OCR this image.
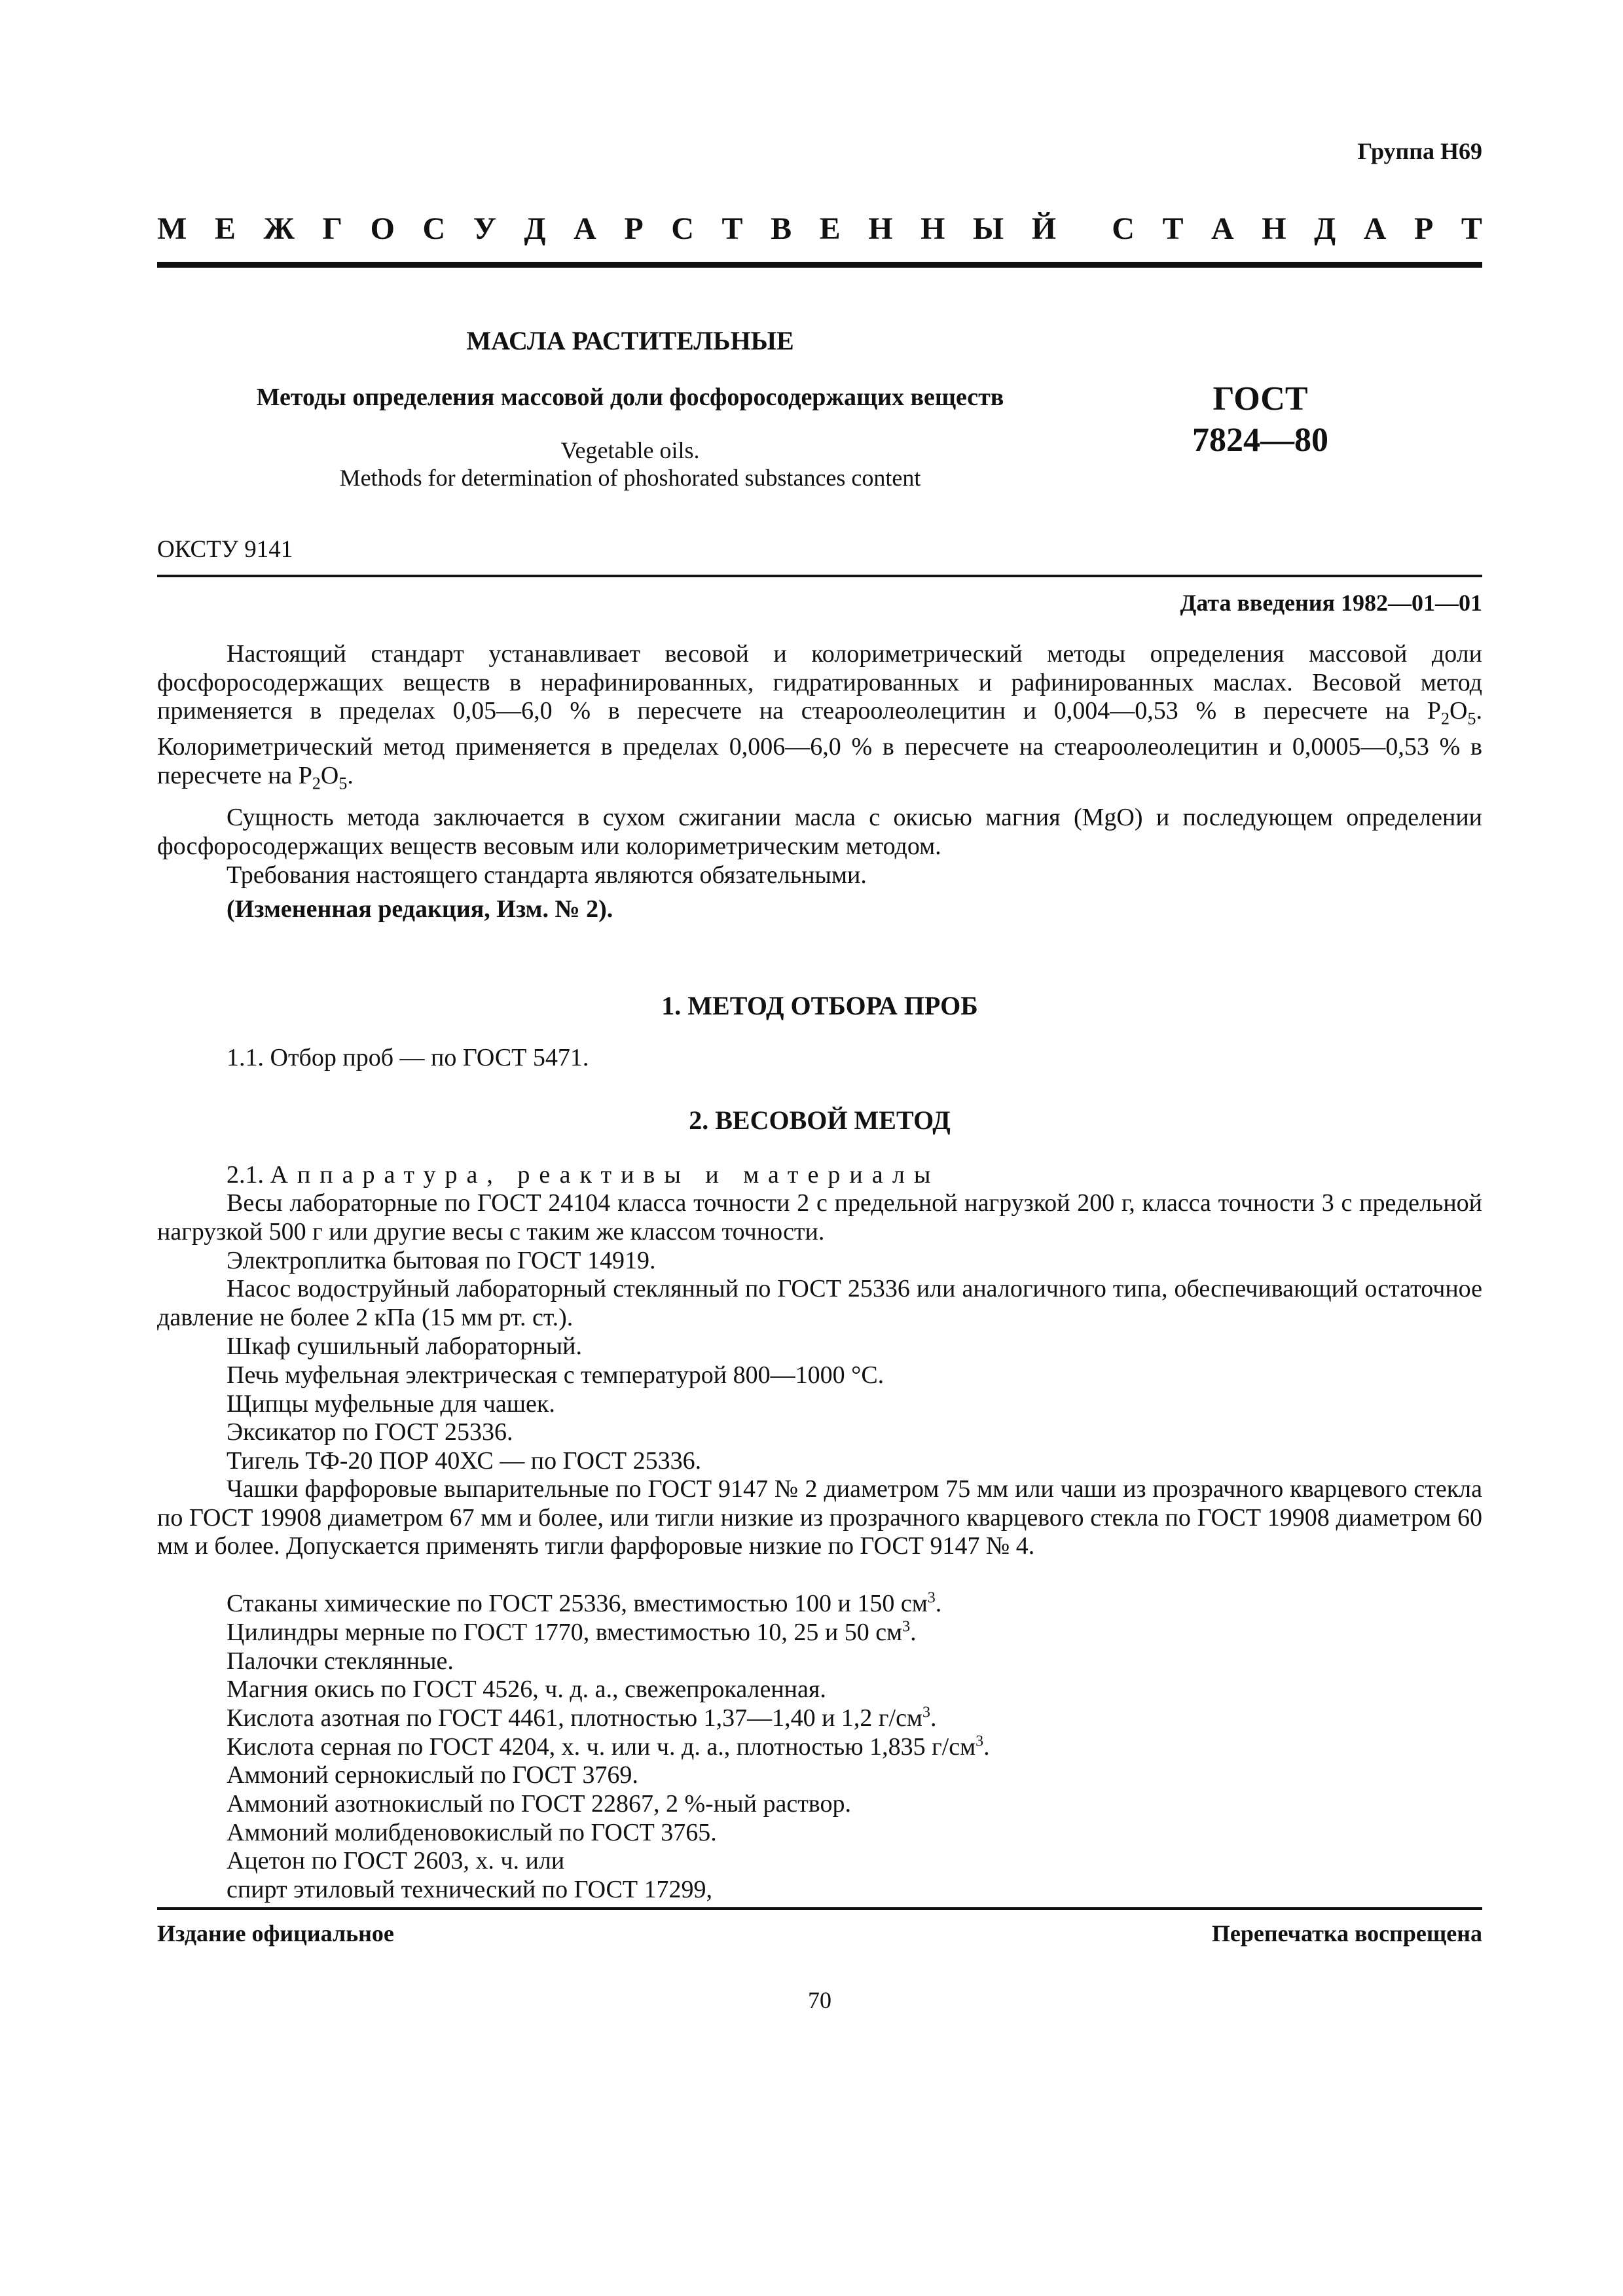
Группа Н69
М Е Ж Г О С У Д А Р С Т В Е Н Н Ы Й С Т А Н Д А Р Т
МАСЛА РАСТИТЕЛЬНЫЕ
Методы определения массовой доли фосфоросодержащих веществ
Vegetable oils.
Methods for determination of phoshorated substances content
ГОСТ
7824—80
ОКСТУ 9141
Дата введения 1982—01—01
Настоящий стандарт устанавливает весовой и колориметрический методы определения массовой доли фосфоросодержащих веществ в нерафинированных, гидратированных и рафинированных маслах. Весовой метод применяется в пределах 0,05—6,0 % в пересчете на стеароолеолецитин и 0,004—0,53 % в пересчете на $P_2O_5$. Колориметрический метод применяется в пределах 0,006—6,0 % в пересчете на стеароолеолецитин и 0,0005—0,53 % в пересчете на $P_2O_5$.
Сущность метода заключается в сухом сжигании масла с окисью магния (MgO) и последующем определении фосфоросодержащих веществ весовым или колориметрическим методом.
Требования настоящего стандарта являются обязательными.
(Измененная редакция, Изм. № 2).
1. МЕТОД ОТБОРА ПРОБ
1.1. Отбор проб — по ГОСТ 5471.
2. ВЕСОВОЙ МЕТОД
2.1. Аппаратура, реактивы и материалы
Весы лабораторные по ГОСТ 24104 класса точности 2 с предельной нагрузкой 200 г, класса точности 3 с предельной нагрузкой 500 г или другие весы с таким же классом точности.
Электроплитка бытовая по ГОСТ 14919.
Насос водоструйный лабораторный стеклянный по ГОСТ 25336 или аналогичного типа, обеспечивающий остаточное давление не более 2 кПа (15 мм рт. ст.).
Шкаф сушильный лабораторный.
Печь муфельная электрическая с температурой 800—1000 °С.
Щипцы муфельные для чашек.
Эксикатор по ГОСТ 25336.
Тигель ТФ-20 ПОР 40ХС — по ГОСТ 25336.
Чашки фарфоровые выпарительные по ГОСТ 9147 № 2 диаметром 75 мм или чаши из прозрачного кварцевого стекла по ГОСТ 19908 диаметром 67 мм и более, или тигли низкие из прозрачного кварцевого стекла по ГОСТ 19908 диаметром 60 мм и более. Допускается применять тигли фарфоровые низкие по ГОСТ 9147 № 4.
Стаканы химические по ГОСТ 25336, вместимостью 100 и 150 $см^3$.
Цилиндры мерные по ГОСТ 1770, вместимостью 10, 25 и 50 $см^3$.
Палочки стеклянные.
Магния окись по ГОСТ 4526, ч. д. а., свежепрокаленная.
Кислота азотная по ГОСТ 4461, плотностью 1,37—1,40 и 1,2 $г/см^3$.
Кислота серная по ГОСТ 4204, х. ч. или ч. д. а., плотностью 1,835 $г/см^3$.
Аммоний сернокислый по ГОСТ 3769.
Аммоний азотнокислый по ГОСТ 22867, 2 %-ный раствор.
Аммоний молибденовокислый по ГОСТ 3765.
Ацетон по ГОСТ 2603, х. ч. или
спирт этиловый технический по ГОСТ 17299,
Издание официальное	Перепечатка воспрещена
70
